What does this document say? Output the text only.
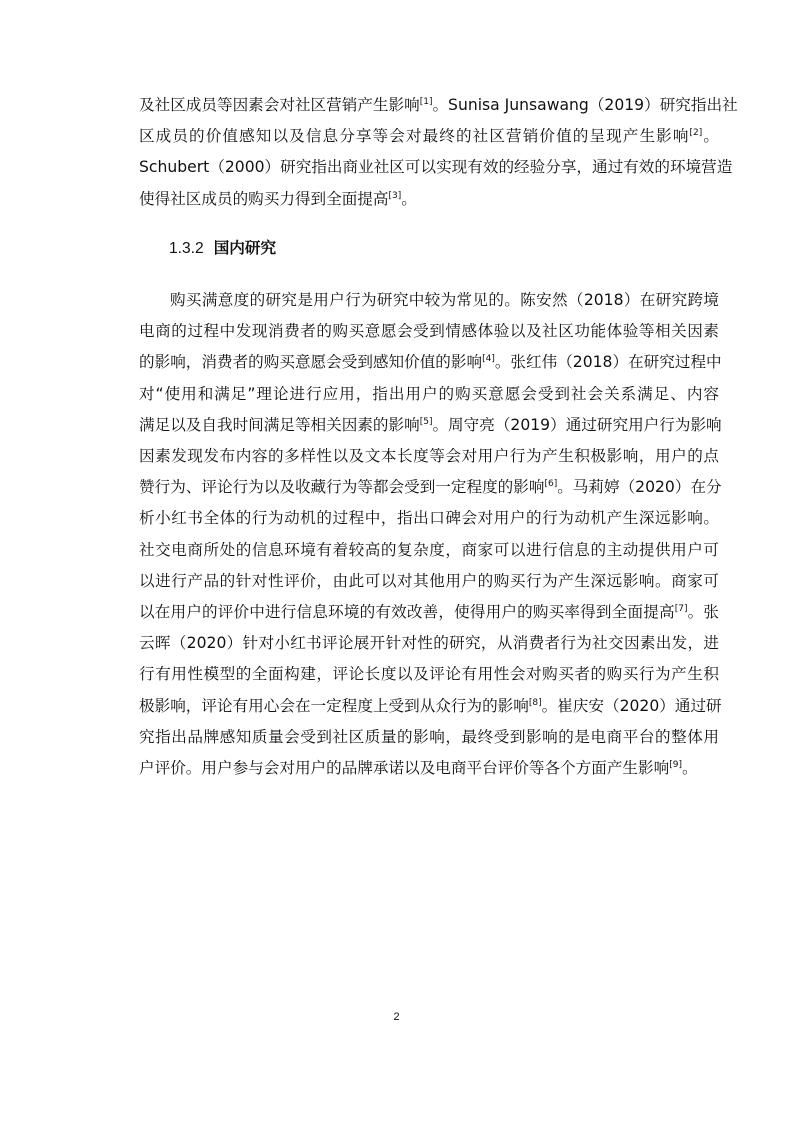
及社区成员等因素会对社区营销产生影响[1]。Sunisa Junsawang（2019）研究指出社
区成员的价值感知以及信息分享等会对最终的社区营销价值的呈现产生影响[2]。
Schubert（2000）研究指出商业社区可以实现有效的经验分享，通过有效的环境营造
使得社区成员的购买力得到全面提高[3]。
1.3.2 国内研究
购买满意度的研究是用户行为研究中较为常见的。陈安然（2018）在研究跨境
电商的过程中发现消费者的购买意愿会受到情感体验以及社区功能体验等相关因素
的影响，消费者的购买意愿会受到感知价值的影响[4]。张红伟（2018）在研究过程中
对“使用和满足”理论进行应用，指出用户的购买意愿会受到社会关系满足、内容
满足以及自我时间满足等相关因素的影响[5]。周守亮（2019）通过研究用户行为影响
因素发现发布内容的多样性以及文本长度等会对用户行为产生积极影响，用户的点
赞行为、评论行为以及收藏行为等都会受到一定程度的影响[6]。马莉婷（2020）在分
析小红书全体的行为动机的过程中，指出口碑会对用户的行为动机产生深远影响。
社交电商所处的信息环境有着较高的复杂度，商家可以进行信息的主动提供用户可
以进行产品的针对性评价，由此可以对其他用户的购买行为产生深远影响。商家可
以在用户的评价中进行信息环境的有效改善，使得用户的购买率得到全面提高[7]。张
云晖（2020）针对小红书评论展开针对性的研究，从消费者行为社交因素出发，进
行有用性模型的全面构建，评论长度以及评论有用性会对购买者的购买行为产生积
极影响，评论有用心会在一定程度上受到从众行为的影响[8]。崔庆安（2020）通过研
究指出品牌感知质量会受到社区质量的影响，最终受到影响的是电商平台的整体用
户评价。用户参与会对用户的品牌承诺以及电商平台评价等各个方面产生影响[9]。
2
